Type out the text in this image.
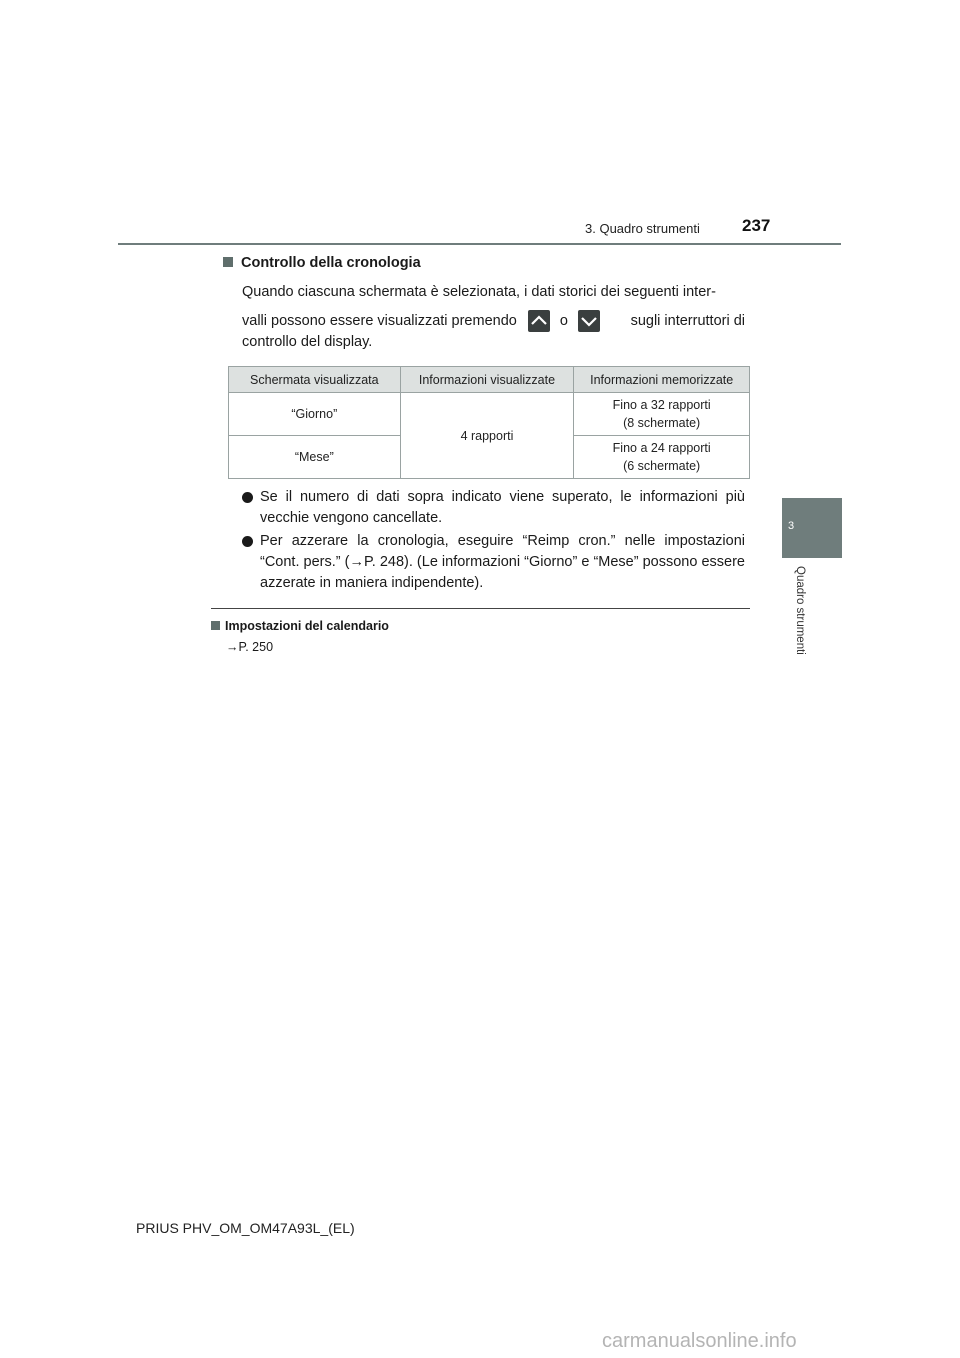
3. Quadro strumenti 237
3
Quadro strumenti
Controllo della cronologia
Quando ciascuna schermata è selezionata, i dati storici dei seguenti inter-
valli possono essere visualizzati premendo	o	sugli interruttori di
controllo del display.
Schermata visualizzata	Informazioni visualizzate	Informazioni memorizzate
“Giorno”	4 rapporti	Fino a 32 rapporti
(8 schermate)

“Mese”		Fino a 24 rapporti
(6 schermate)
Se il numero di dati sopra indicato viene superato, le informazioni più vecchie vengono cancellate.
Per azzerare la cronologia, eseguire “Reimp cron.” nelle impostazioni “Cont. pers.” (→P. 248). (Le informazioni “Giorno” e “Mese” possono essere azzerate in maniera indipendente).
Impostazioni del calendario
→P. 250
PRIUS PHV_OM_OM47A93L_(EL)
carmanualsonline.info
